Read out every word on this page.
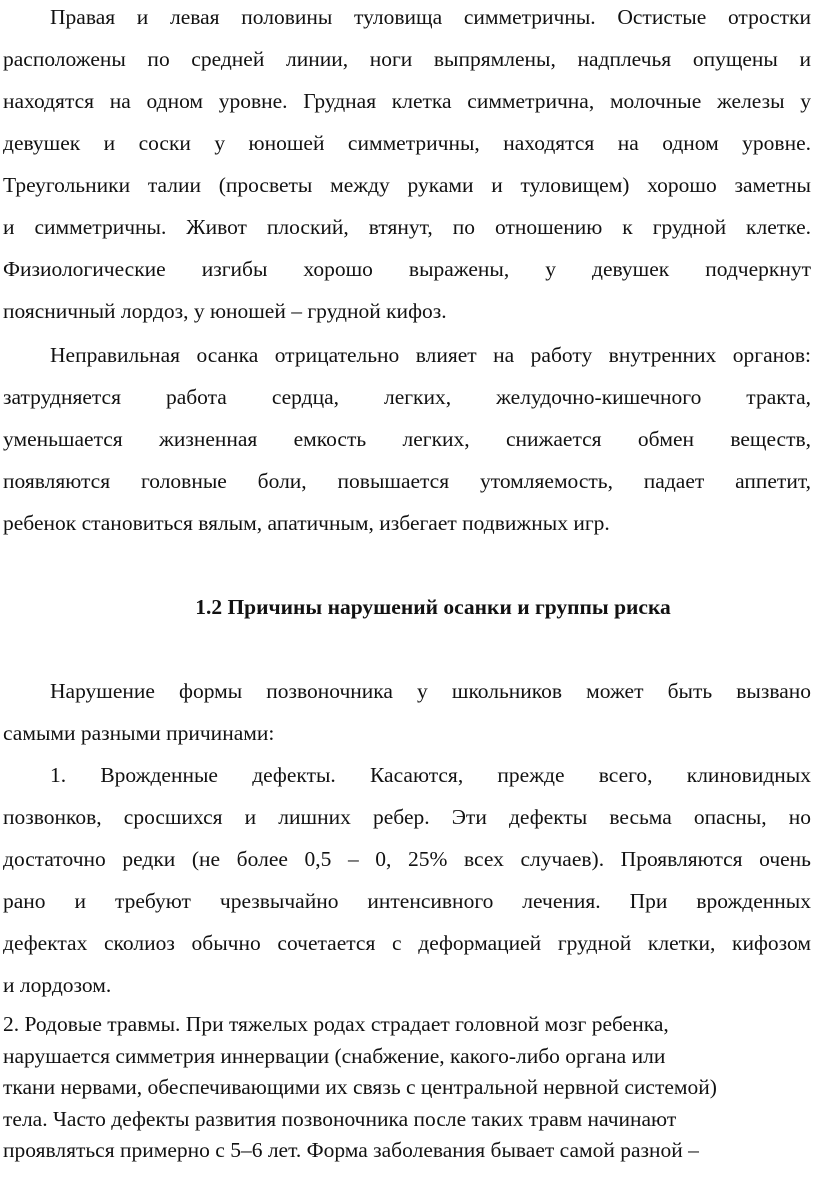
Правая и левая половины туловища симметричны. Остистые отростки
расположены по средней линии, ноги выпрямлены, надплечья опущены и
находятся на одном уровне. Грудная клетка симметрична, молочные железы у
девушек и соски у юношей симметричны, находятся на одном уровне.
Треугольники талии (просветы между руками и туловищем) хорошо заметны
и симметричны. Живот плоский, втянут, по отношению к грудной клетке.
Физиологические изгибы хорошо выражены, у девушек подчеркнут
поясничный лордоз, у юношей – грудной кифоз.
Неправильная осанка отрицательно влияет на работу внутренних органов:
затрудняется работа сердца, легких, желудочно-кишечного тракта,
уменьшается жизненная емкость легких, снижается обмен веществ,
появляются головные боли, повышается утомляемость, падает аппетит,
ребенок становиться вялым, апатичным, избегает подвижных игр.
1.2 Причины нарушений осанки и группы риска
Нарушение формы позвоночника у школьников может быть вызвано
самыми разными причинами:
1. Врожденные дефекты. Касаются, прежде всего, клиновидных
позвонков, сросшихся и лишних ребер. Эти дефекты весьма опасны, но
достаточно редки (не более 0,5 – 0, 25% всех случаев). Проявляются очень
рано и требуют чрезвычайно интенсивного лечения. При врожденных
дефектах сколиоз обычно сочетается с деформацией грудной клетки, кифозом
и лордозом.
2. Родовые травмы. При тяжелых родах страдает головной мозг ребенка,
нарушается симметрия иннервации (снабжение, какого-либо органа или
ткани нервами, обеспечивающими их связь с центральной нервной системой)
тела. Часто дефекты развития позвоночника после таких травм начинают
проявляться примерно с 5–6 лет. Форма заболевания бывает самой разной –
